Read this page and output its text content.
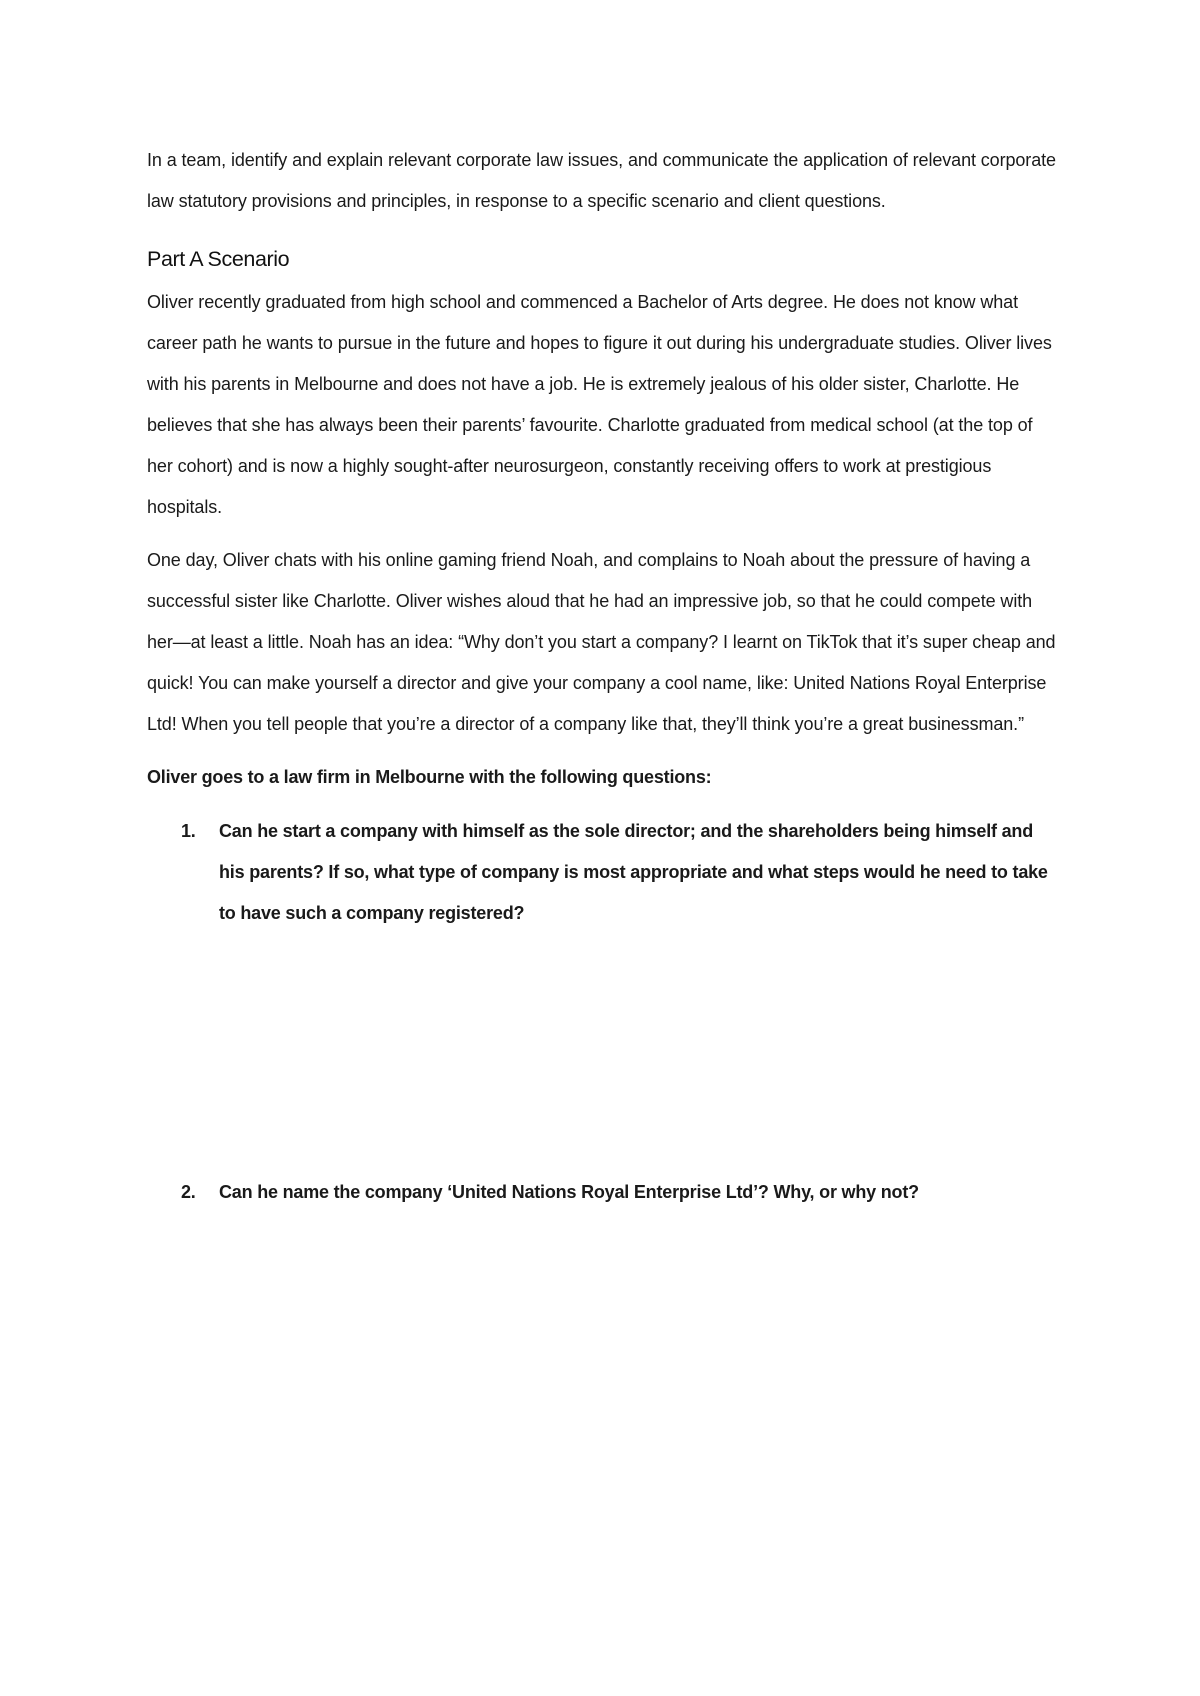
In a team, identify and explain relevant corporate law issues, and communicate the application of relevant corporate law statutory provisions and principles, in response to a specific scenario and client questions.

Part A Scenario

Oliver recently graduated from high school and commenced a Bachelor of Arts degree. He does not know what career path he wants to pursue in the future and hopes to figure it out during his undergraduate studies. Oliver lives with his parents in Melbourne and does not have a job. He is extremely jealous of his older sister, Charlotte. He believes that she has always been their parents’ favourite. Charlotte graduated from medical school (at the top of her cohort) and is now a highly sought-after neurosurgeon, constantly receiving offers to work at prestigious hospitals.

One day, Oliver chats with his online gaming friend Noah, and complains to Noah about the pressure of having a successful sister like Charlotte. Oliver wishes aloud that he had an impressive job, so that he could compete with her—at least a little. Noah has an idea: “Why don’t you start a company? I learnt on TikTok that it’s super cheap and quick! You can make yourself a director and give your company a cool name, like: United Nations Royal Enterprise Ltd! When you tell people that you’re a director of a company like that, they’ll think you’re a great businessman.”

Oliver goes to a law firm in Melbourne with the following questions:

1. Can he start a company with himself as the sole director; and the shareholders being himself and his parents? If so, what type of company is most appropriate and what steps would he need to take to have such a company registered?
2. Can he name the company ‘United Nations Royal Enterprise Ltd’? Why, or why not?
